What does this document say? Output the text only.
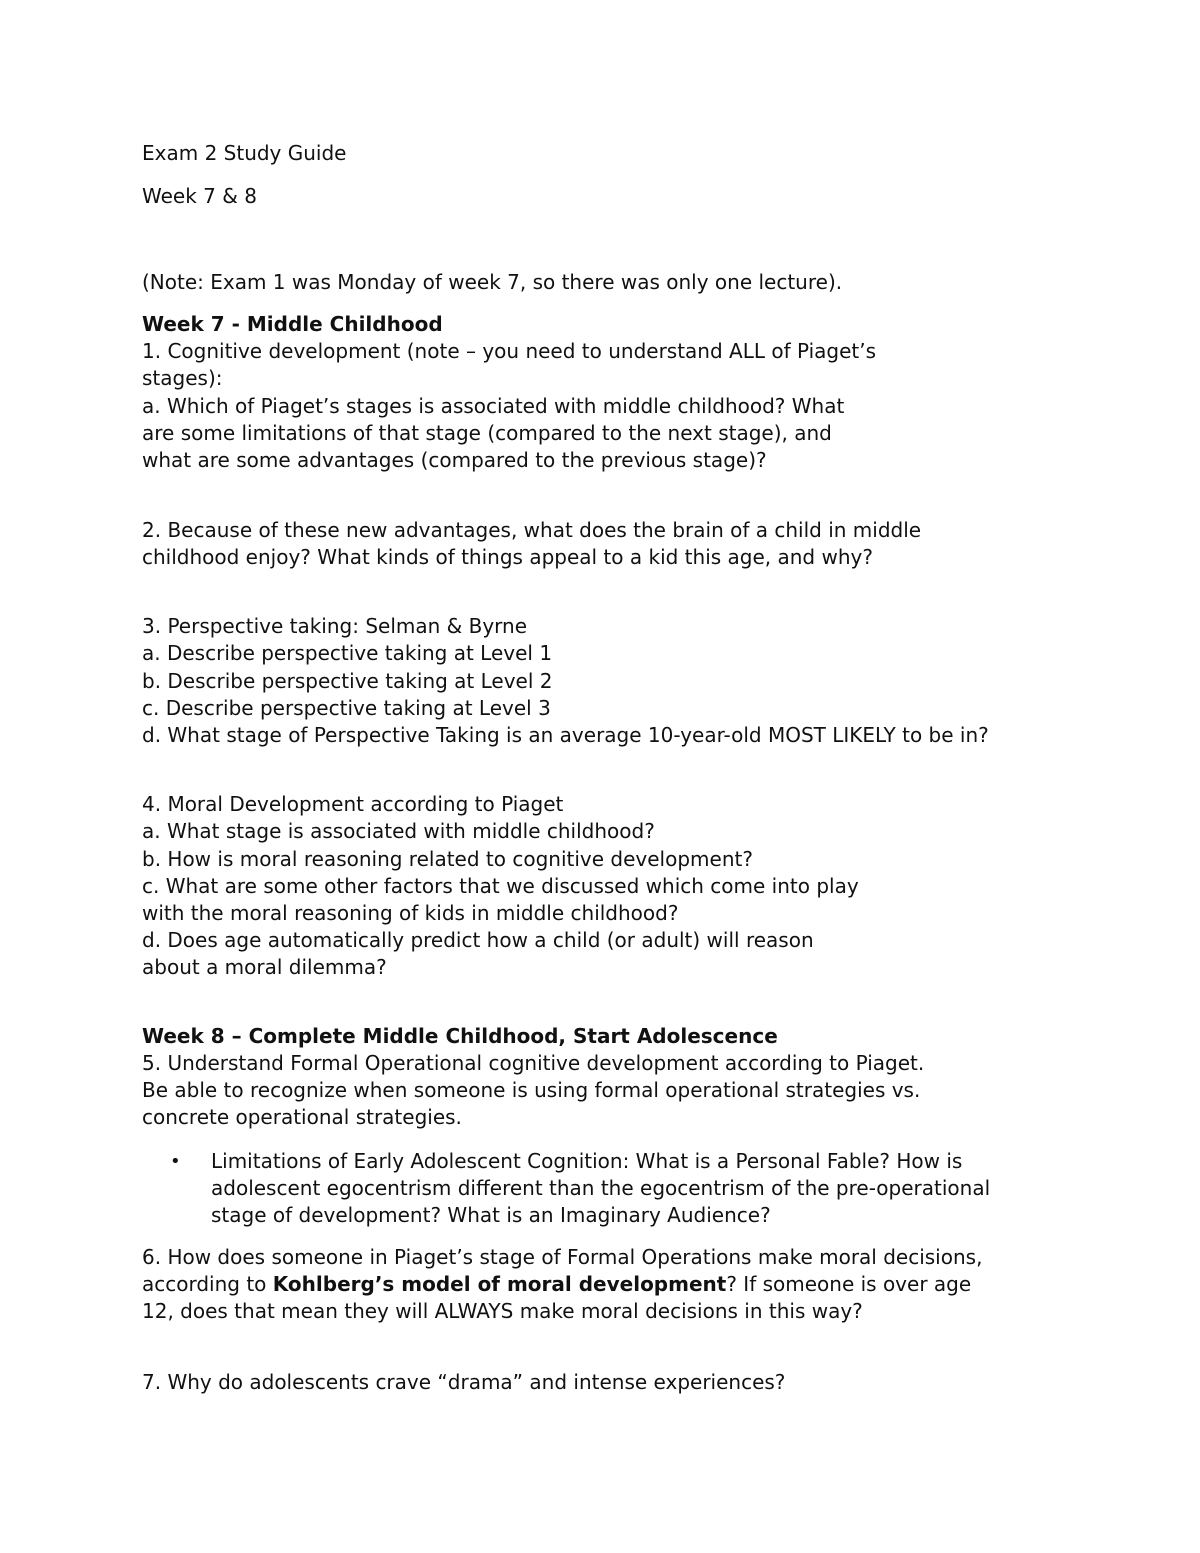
Exam 2 Study Guide

Week 7 & 8

(Note: Exam 1 was Monday of week 7, so there was only one lecture).

Week 7 - Middle Childhood

1. Cognitive development (note – you need to understand ALL of Piaget’s

stages):

a. Which of Piaget’s stages is associated with middle childhood? What

are some limitations of that stage (compared to the next stage), and

what are some advantages (compared to the previous stage)?

2. Because of these new advantages, what does the brain of a child in middle

childhood enjoy? What kinds of things appeal to a kid this age, and why?

3. Perspective taking: Selman & Byrne

a. Describe perspective taking at Level 1

b. Describe perspective taking at Level 2

c. Describe perspective taking at Level 3

d. What stage of Perspective Taking is an average 10-year-old MOST LIKELY to be in?

4. Moral Development according to Piaget

a. What stage is associated with middle childhood?

b. How is moral reasoning related to cognitive development?

c. What are some other factors that we discussed which come into play

with the moral reasoning of kids in middle childhood?

d. Does age automatically predict how a child (or adult) will reason

about a moral dilemma?

Week 8 – Complete Middle Childhood, Start Adolescence

5. Understand Formal Operational cognitive development according to Piaget.

Be able to recognize when someone is using formal operational strategies vs.

concrete operational strategies.

• Limitations of Early Adolescent Cognition: What is a Personal Fable? How is

adolescent egocentrism different than the egocentrism of the pre-operational

stage of development? What is an Imaginary Audience?

6. How does someone in Piaget’s stage of Formal Operations make moral decisions,

according to Kohlberg’s model of moral development? If someone is over age

12, does that mean they will ALWAYS make moral decisions in this way?

7. Why do adolescents crave “drama” and intense experiences?
